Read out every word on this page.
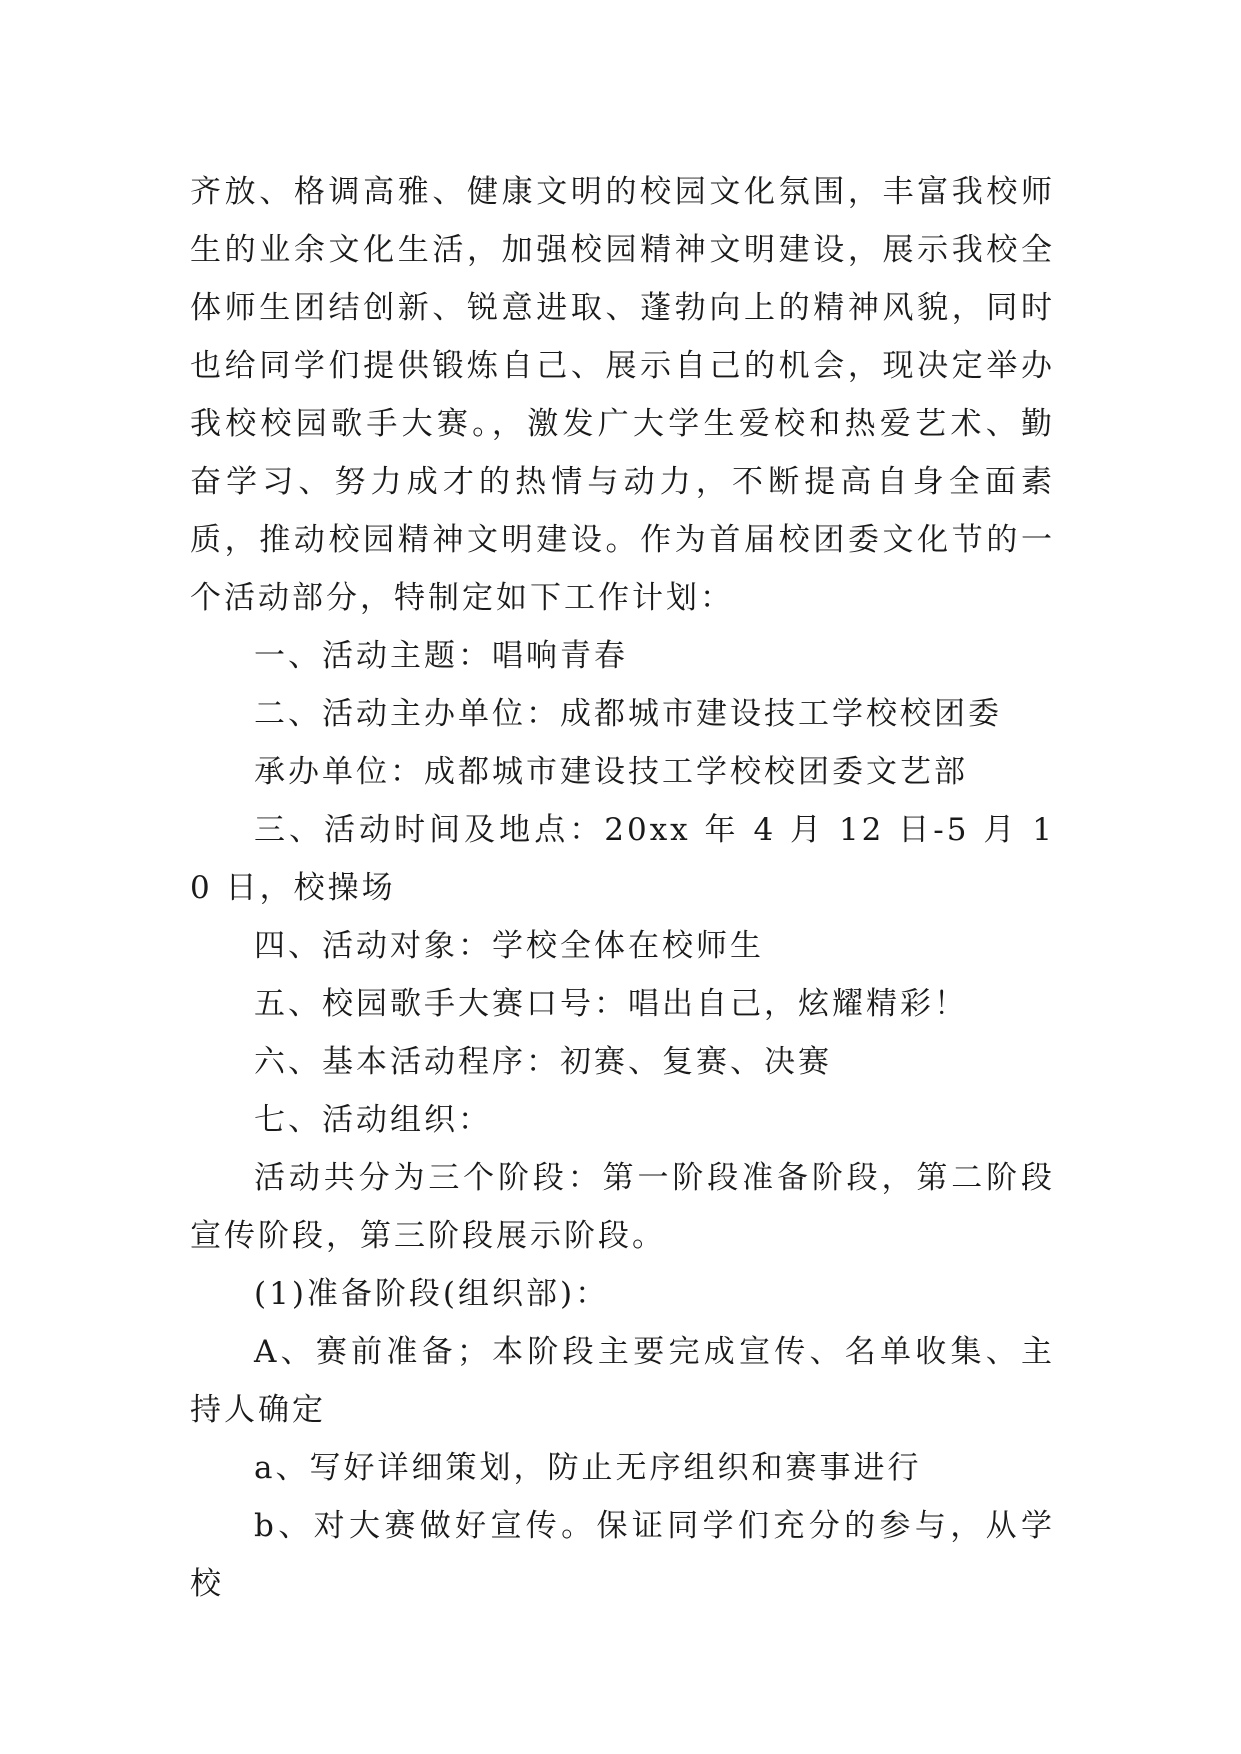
齐放、格调高雅、健康文明的校园文化氛围，丰富我校师生的业余文化生活，加强校园精神文明建设，展示我校全体师生团结创新、锐意进取、蓬勃向上的精神风貌，同时也给同学们提供锻炼自己、展示自己的机会，现决定举办我校校园歌手大赛。，激发广大学生爱校和热爱艺术、勤奋学习、努力成才的热情与动力，不断提高自身全面素质，推动校园精神文明建设。作为首届校团委文化节的一个活动部分，特制定如下工作计划：

一、活动主题：唱响青春

二、活动主办单位：成都城市建设技工学校校团委

承办单位：成都城市建设技工学校校团委文艺部

三、活动时间及地点：20xx 年 4 月 12 日-5 月 10 日，校操场

四、活动对象：学校全体在校师生

五、校园歌手大赛口号：唱出自己，炫耀精彩！

六、基本活动程序：初赛、复赛、决赛

七、活动组织：

活动共分为三个阶段：第一阶段准备阶段，第二阶段宣传阶段，第三阶段展示阶段。

(1)准备阶段(组织部)：

A、赛前准备；本阶段主要完成宣传、名单收集、主持人确定

a、写好详细策划，防止无序组织和赛事进行

b、对大赛做好宣传。保证同学们充分的参与，从学校
